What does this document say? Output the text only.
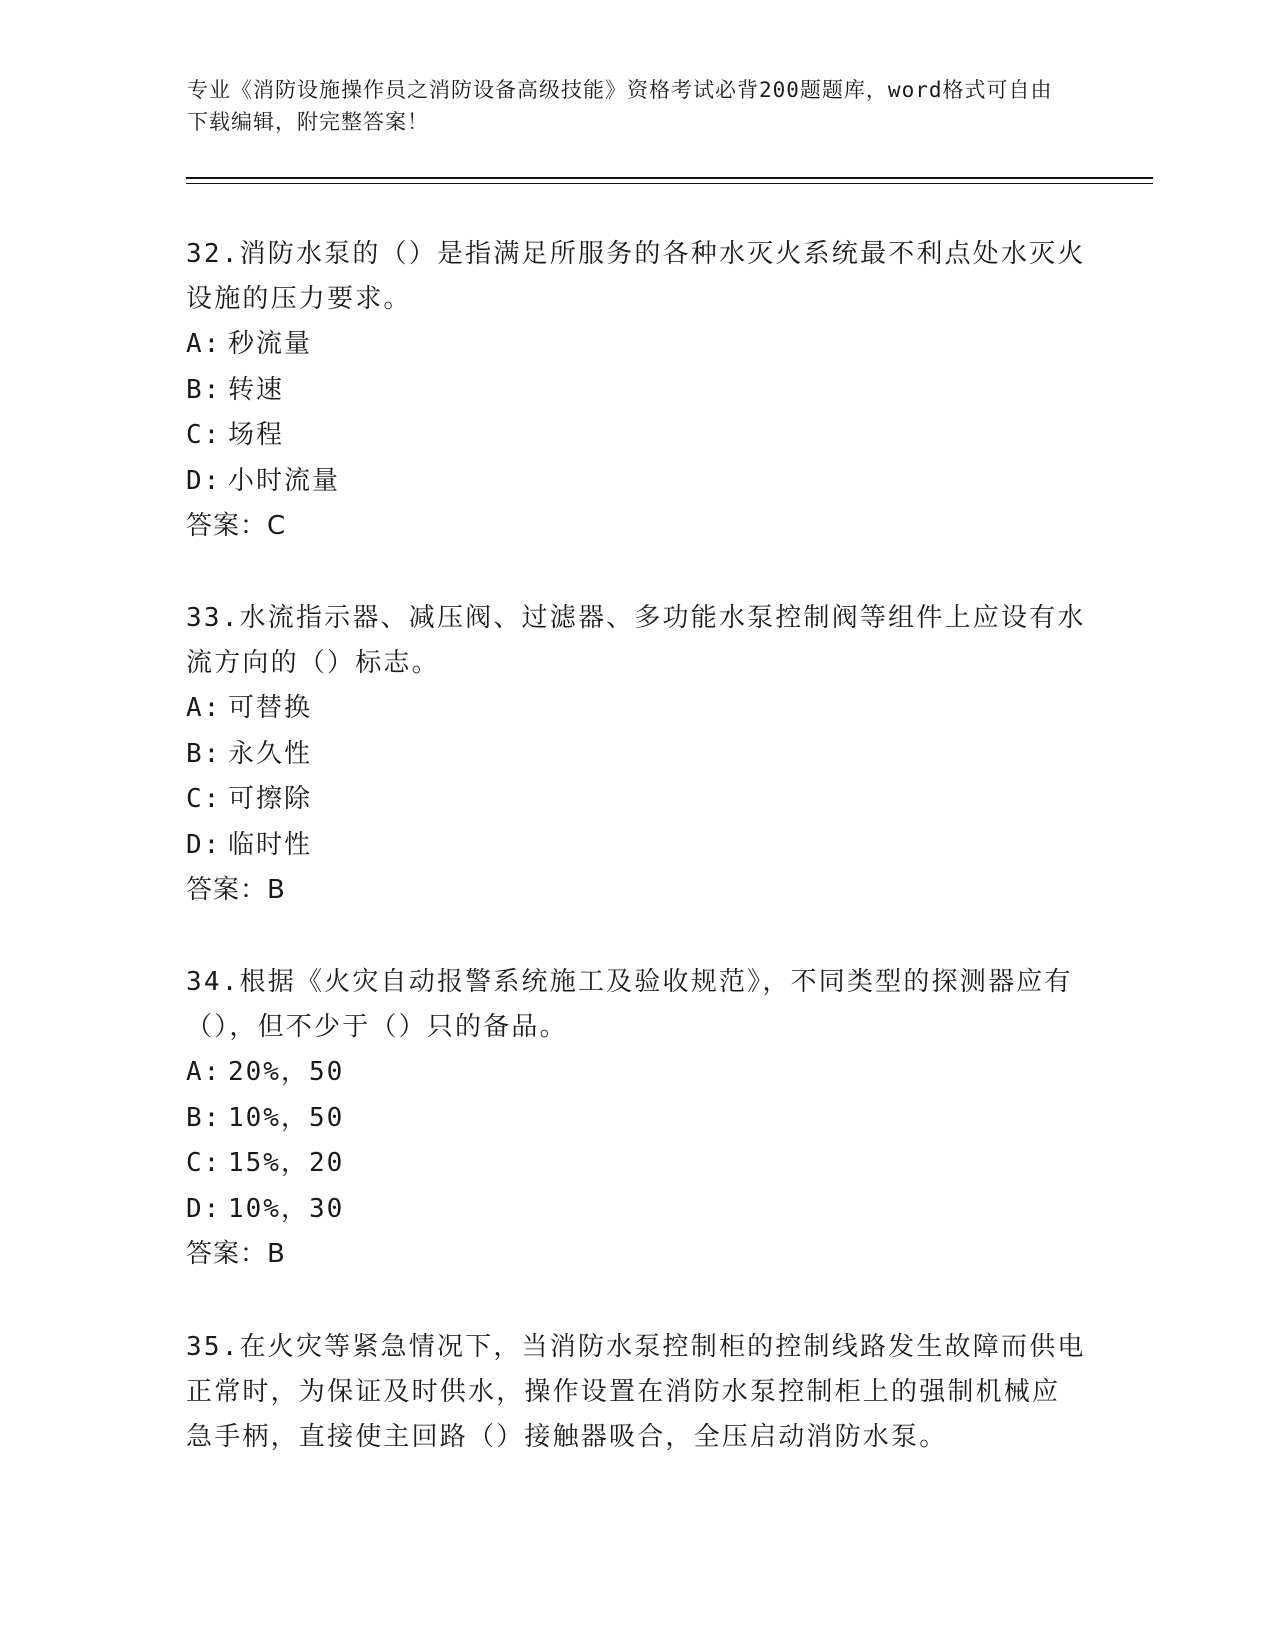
专业《消防设施操作员之消防设备高级技能》资格考试必背200题题库，word格式可自由下载编辑，附完整答案！

32.消防水泵的（）是指满足所服务的各种水灭火系统最不利点处水灭火设施的压力要求。

A: 秒流量

B: 转速

C: 场程

D: 小时流量

答案：C

33.水流指示器、减压阀、过滤器、多功能水泵控制阀等组件上应设有水流方向的（）标志。

A: 可替换

B: 永久性

C: 可擦除

D: 临时性

答案：B

34.根据《火灾自动报警系统施工及验收规范》，不同类型的探测器应有（），但不少于（）只的备品。

A: 20%，50

B: 10%，50

C: 15%，20

D: 10%，30

答案：B

35.在火灾等紧急情况下，当消防水泵控制柜的控制线路发生故障而供电正常时，为保证及时供水，操作设置在消防水泵控制柜上的强制机械应急手柄，直接使主回路（）接触器吸合，全压启动消防水泵。
